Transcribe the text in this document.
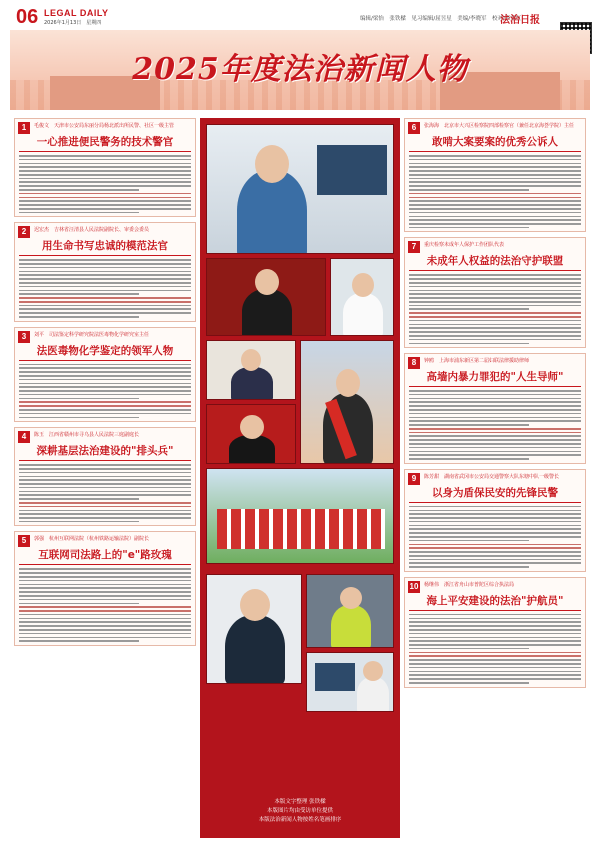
06 LEGAL DAILY
2026年1月13日　星期四
编辑/梁怡　张铁樑　见习编辑/屈昱星　美编/李晓军　校对/李翠红
法治日报
2025年度法治新闻人物
1	毛俊文　天津市公安局东丽分局杨北派出所民警、社区一级主管
一心推进便民警务的技术警官
2	迟宏杰　吉林省汪清县人民法院副院长、审委会委员
用生命书写忠诚的模范法官
3	刘平　司法鉴定科学研究院法医毒物化学研究室主任
法医毒物化学鉴定的领军人物
4	陈玉　江西省赣州市寻乌县人民法院三庭副庭长
深耕基层法治建设的"排头兵"
5	郭强　杭州互联网法院（杭州铁路运输法院）副院长
互联网司法路上的"e"路玫瑰
6	张海海　北京市大兴区检察院四部检察官（兼任北京海荟学院）主任
敢啃大案要案的优秀公诉人
7	重庆检察未成年人保护工作团队代表
未成年人权益的法治守护联盟
8	钟鸥　上海市浦东新区第二届妇联法律援助律师
高墙内暴力罪犯的"人生导师"
9	陈芳甜　湖南省武冈市公安局交通警察大队东塘中队一级警长
以身为盾保民安的先锋民警
10	杨继伟　浙江省舟山市普陀区综合执法局
海上平安建设的法治"护航员"
本版文字整理 张铁樑
本版图片均由受访单位提供
本版法治新闻人物按姓名笔画排序
